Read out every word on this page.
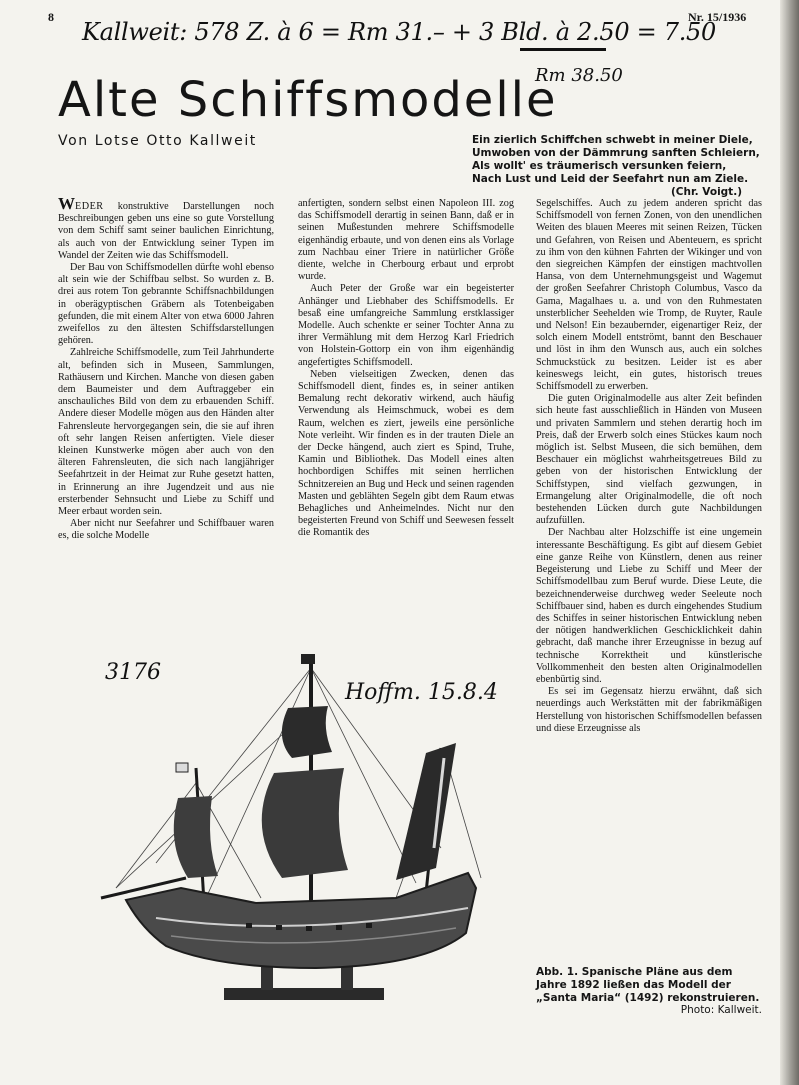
8	Nr. 15/1936
Kallweit: 578 Z. à 6 = Rm 31.– + 3 Bld. à 2.50 = 7.50
Rm 38.50
Alte Schiffsmodelle
Von Lotse Otto Kallweit	Ein zierlich Schiffchen schwebt in meiner Diele,
Umwoben von der Dämmrung sanften Schleiern,
Als wollt' es träumerisch versunken feiern,
Nach Lust und Leid der Seefahrt nun am Ziele.
(Chr. Voigt.)

WEDER konstruktive Darstellungen noch Beschreibungen geben uns eine so gute Vorstellung von dem Schiff samt seiner baulichen Einrichtung, als auch von der Entwicklung seiner Typen im Wandel der Zeiten wie das Schiffsmodell.

Der Bau von Schiffsmodellen dürfte wohl ebenso alt sein wie der Schiffbau selbst. So wurden z. B. drei aus rotem Ton gebrannte Schiffsnachbildungen in oberägyptischen Gräbern als Totenbeigaben gefunden, die mit einem Alter von etwa 6000 Jahren zweifellos zu den ältesten Schiffsdarstellungen gehören.

Zahlreiche Schiffsmodelle, zum Teil Jahrhunderte alt, befinden sich in Museen, Sammlungen, Rathäusern und Kirchen. Manche von diesen gaben dem Baumeister und dem Auftraggeber ein anschauliches Bild von dem zu erbauenden Schiff. Andere dieser Modelle mögen aus den Händen alter Fahrensleute hervorgegangen sein, die sie auf ihren oft sehr langen Reisen anfertigten. Viele dieser kleinen Kunstwerke mögen aber auch von den älteren Fahrensleuten, die sich nach langjähriger Seefahrtzeit in der Heimat zur Ruhe gesetzt hatten, in Erinnerung an ihre Jugendzeit und aus nie ersterbender Sehnsucht und Liebe zu Schiff und Meer erbaut worden sein.

Aber nicht nur Seefahrer und Schiffbauer waren es, die solche Modelle

anfertigten, sondern selbst einen Napoleon III. zog das Schiffsmodell derartig in seinen Bann, daß er in seinen Mußestunden mehrere Schiffsmodelle eigenhändig erbaute, und von denen eins als Vorlage zum Nachbau einer Triere in natürlicher Größe diente, welche in Cherbourg erbaut und erprobt wurde.

Auch Peter der Große war ein begeisterter Anhänger und Liebhaber des Schiffsmodells. Er besaß eine umfangreiche Sammlung erstklassiger Modelle. Auch schenkte er seiner Tochter Anna zu ihrer Vermählung mit dem Herzog Karl Friedrich von Holstein-Gottorp ein von ihm eigenhändig angefertigtes Schiffsmodell.

Neben vielseitigen Zwecken, denen das Schiffsmodell dient, findes es, in seiner antiken Bemalung recht dekorativ wirkend, auch häufig Verwendung als Heimschmuck, wobei es dem Raum, welchen es ziert, jeweils eine persönliche Note verleiht. Wir finden es in der trauten Diele an der Decke hängend, auch ziert es Spind, Truhe, Kamin und Bibliothek. Das Modell eines alten hochbordigen Schiffes mit seinen herrlichen Schnitzereien an Bug und Heck und seinen ragenden Masten und geblähten Segeln gibt dem Raum etwas Behagliches und Anheimelndes. Nicht nur den begeisterten Freund von Schiff und Seewesen fesselt die Romantik des

Segelschiffes. Auch zu jedem anderen spricht das Schiffsmodell von fernen Zonen, von den unendlichen Weiten des blauen Meeres mit seinen Reizen, Tücken und Gefahren, von Reisen und Abenteuern, es spricht zu ihm von den kühnen Fahrten der Wikinger und von den siegreichen Kämpfen der einstigen machtvollen Hansa, von dem Unternehmungsgeist und Wagemut der großen Seefahrer Christoph Columbus, Vasco da Gama, Magalhaes u. a. und von den Ruhmestaten unsterblicher Seehelden wie Tromp, de Ruyter, Raule und Nelson! Ein bezaubernder, eigenartiger Reiz, der solch einem Modell entströmt, bannt den Beschauer und löst in ihm den Wunsch aus, auch ein solches Schmuckstück zu besitzen. Leider ist es aber keineswegs leicht, ein gutes, historisch treues Schiffsmodell zu erwerben.

Die guten Originalmodelle aus alter Zeit befinden sich heute fast ausschließlich in Händen von Museen und privaten Sammlern und stehen derartig hoch im Preis, daß der Erwerb solch eines Stückes kaum noch möglich ist. Selbst Museen, die sich bemühen, dem Beschauer ein möglichst wahrheitsgetreues Bild zu geben von der historischen Entwicklung der Schiffstypen, sind vielfach gezwungen, in Ermangelung alter Originalmodelle, die oft noch bestehenden Lücken durch gute Nachbildungen aufzufüllen.

Der Nachbau alter Holzschiffe ist eine ungemein interessante Beschäftigung. Es gibt auf diesem Gebiet eine ganze Reihe von Künstlern, denen aus reiner Begeisterung und Liebe zu Schiff und Meer der Schiffsmodellbau zum Beruf wurde. Diese Leute, die bezeichnenderweise durchweg weder Seeleute noch Schiffbauer sind, haben es durch eingehendes Studium des Schiffes in seiner historischen Entwicklung neben der nötigen handwerklichen Geschicklichkeit dahin gebracht, daß manche ihrer Erzeugnisse in bezug auf technische Korrektheit und künstlerische Vollkommenheit den besten alten Originalmodellen ebenbürtig sind.

Es sei im Gegensatz hierzu erwähnt, daß sich neuerdings auch Werkstätten mit der fabrikmäßigen Herstellung von historischen Schiffsmodellen befassen und diese Erzeugnisse als

3176
Hoffm. 15.8.4
Abb. 1. Spanische Pläne aus dem Jahre 1892 ließen das Modell der „Santa Maria“ (1492) rekonstruieren.
Photo: Kallweit.
